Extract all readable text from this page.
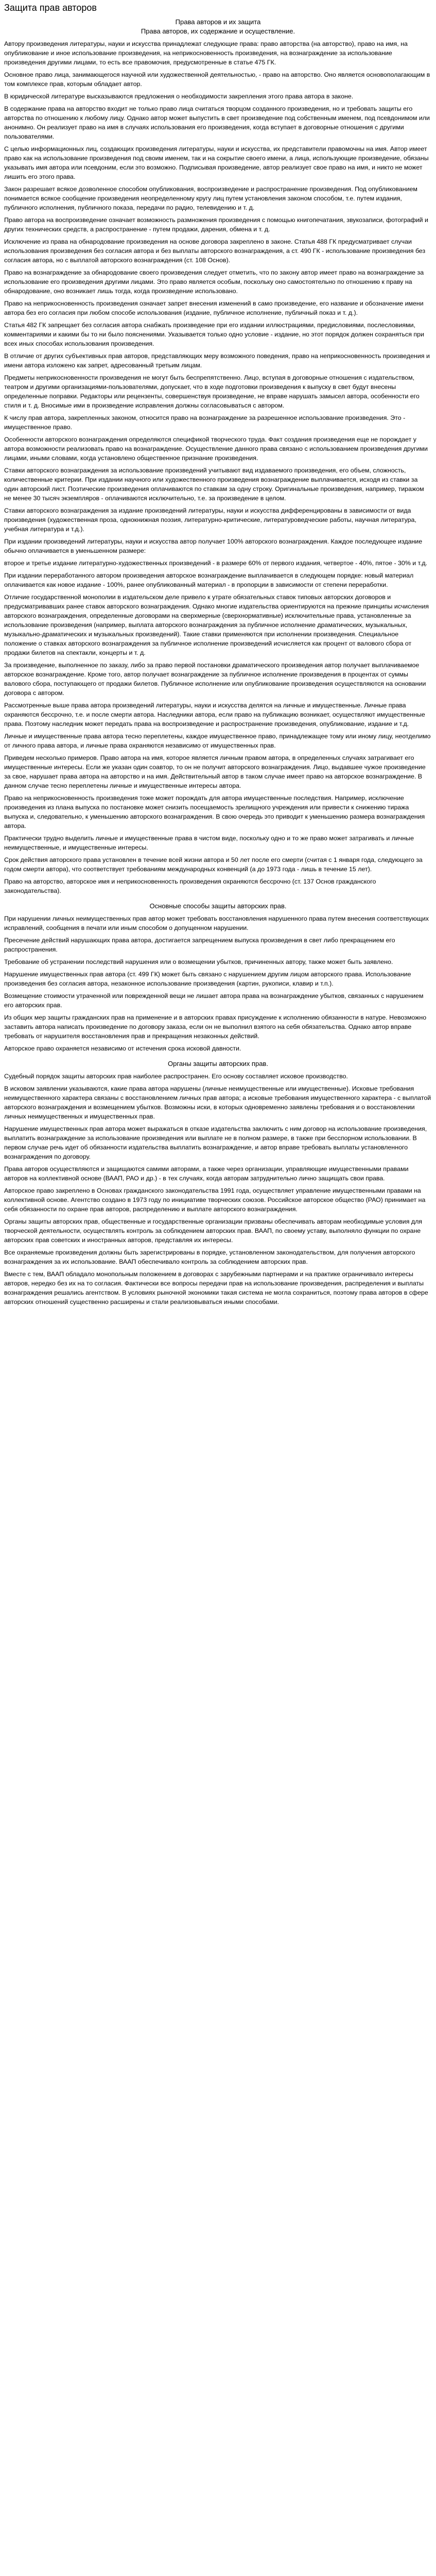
Защита прав авторов
Права авторов и их защита
Права авторов, их содержание и осуществление.

Автору произведения литературы, науки и искусства принадлежат следующие права: право авторства (на авторство), право на имя, на опубликование и иное использование произведения, на неприкосновенность произведения, на вознаграждение за использование произведения другими лицами, то есть все правомочия, предусмотренные в статье 475 ГК.

Основное право лица, занимающегося научной или художественной деятельностью, - право на авторство. Оно является основополагающим в том комплексе прав, которым обладает автор.

В юридической литературе высказываются предложения о необходимости закрепления этого права автора в законе.

В содержание права на авторство входит не только право лица считаться творцом созданного произведения, но и требовать защиты его авторства по отношению к любому лицу. Однако автор может выпустить в свет произведение под собственным именем, под псевдонимом или анонимно. Он реализует право на имя в случаях использования его произведения, когда вступает в договорные отношения с другими пользователями.

С целью информационных лиц, создающих произведения литературы, науки и искусства, их представители правомочны на имя. Автор имеет право как на использование произведения под своим именем, так и на сокрытие своего имени, а лица, использующие произведение, обязаны указывать имя автора или псевдоним, если это возможно. Подписывая произведение, автор реализует свое право на имя, и никто не может лишить его этого права.

Закон разрешает всякое дозволенное способом опубликования, воспроизведение и распространение произведения. Под опубликованием понимается всякое сообщение произведения неопределенному кругу лиц путем установления законом способом, т.е. путем издания, публичного исполнения, публичного показа, передачи по радио, телевидению и т. д.

Право автора на воспроизведение означает возможность размножения произведения с помощью книгопечатания, звукозаписи, фотографий и других технических средств, а распространение - путем продажи, дарения, обмена и т. д.

Исключение из права на обнародование произведения на основе договора закреплено в законе. Статья 488 ГК предусматривает случаи использования произведения без согласия автора и без выплаты авторского вознаграждения, а ст. 490 ГК - использование произведения без согласия автора, но с выплатой авторского вознаграждения (ст. 108 Основ).

Право на вознаграждение за обнародование своего произведения следует отметить, что по закону автор имеет право на вознаграждение за использование его произведения другими лицами. Это право является особым, поскольку оно самостоятельно по отношению к праву на обнародование, оно возникает лишь тогда, когда произведение использовано.

Право на неприкосновенность произведения означает запрет внесения изменений в само произведение, его название и обозначение имени автора без его согласия при любом способе использования (издание, публичное исполнение, публичный показ и т. д.).

Статья 482 ГК запрещает без согласия автора снабжать произведение при его издании иллюстрациями, предисловиями, послесловиями, комментариями и какими бы то ни было пояснениями. Указывается только одно условие - издание, но этот порядок должен сохраняться при всех иных способах использования произведения.

В отличие от других субъективных прав авторов, представляющих меру возможного поведения, право на неприкосновенность произведения и имени автора изложено как запрет, адресованный третьим лицам.

Предметы неприкосновенности произведения не могут быть беспрепятственно. Лицо, вступая в договорные отношения с издательством, театром и другими организациями-пользователями, допускает, что в ходе подготовки произведения к выпуску в свет будут внесены определенные поправки. Редакторы или рецензенты, совершенствуя произведение, не вправе нарушать замысел автора, особенности его стиля и т. д. Вносимые ими в произведение исправления должны согласовываться с автором.

К числу прав автора, закрепленных законом, относится право на вознаграждение за разрешенное использование произведения. Это - имущественное право.

Особенности авторского вознаграждения определяются спецификой творческого труда. Факт создания произведения еще не порождает у автора возможности реализовать право на вознаграждение. Осуществление данного права связано с использованием произведения другими лицами, иными словами, когда установлено общественное признание произведения.

Ставки авторского вознаграждения за использование произведений учитывают вид издаваемого произведения, его объем, сложность, количественные критерии. При издании научного или художественного произведения вознаграждение выплачивается, исходя из ставки за один авторский лист. Поэтические произведения оплачиваются по ставкам за одну строку. Оригинальные произведения, например, тиражом не менее 30 тысяч экземпляров - оплачиваются исключительно, т.е. за произведение в целом.

Ставки авторского вознаграждения за издание произведений литературы, науки и искусства дифференцированы в зависимости от вида произведения (художественная проза, однокнижная поэзия, литературно-критические, литературоведческие работы, научная литература, учебная литература и т.д.).

При издании произведений литературы, науки и искусства автор получает 100% авторского вознаграждения. Каждое последующее издание обычно оплачивается в уменьшенном размере:

второе и третье издание литературно-художественных произведений - в размере 60% от первого издания, четвертое - 40%, пятое - 30% и т.д.

При издании переработанного автором произведения авторское вознаграждение выплачивается в следующем порядке: новый материал оплачивается как новое издание - 100%, ранее опубликованный материал - в пропорции в зависимости от степени переработки.

Отличие государственной монополии в издательском деле привело к утрате обязательных ставок типовых авторских договоров и предусматривавших ранее ставок авторского вознаграждения. Однако многие издательства ориентируются на прежние принципы исчисления авторского вознаграждения, определенные договорами на сверхмерные (сверхнормативные) исключительные права, установленные за использование произведения (например, выплата авторского вознаграждения за публичное исполнение драматических, музыкальных, музыкально-драматических и музыкальных произведений). Такие ставки применяются при исполнении произведения. Специальное положение о ставках авторского вознаграждения за публичное исполнение произведений исчисляется как процент от валового сбора от продажи билетов на спектакли, концерты и т. д.

За произведение, выполненное по заказу, либо за право первой постановки драматического произведения автор получает выплачиваемое авторское вознаграждение. Кроме того, автор получает вознаграждение за публичное исполнение произведения в процентах от суммы валового сбора, поступающего от продажи билетов. Публичное исполнение или опубликование произведения осуществляются на основании договора с автором.

Рассмотренные выше права автора произведений литературы, науки и искусства делятся на личные и имущественные. Личные права охраняются бессрочно, т.е. и после смерти автора. Наследники автора, если право на публикацию возникает, осуществляют имущественные права. Поэтому наследник может передать права на воспроизведение и распространение произведения, опубликование, издание и т.д.

Личные и имущественные права автора тесно переплетены, каждое имущественное право, принадлежащее тому или иному лицу, неотделимо от личного права автора, и личные права охраняются независимо от имущественных прав.

Приведем несколько примеров. Право автора на имя, которое является личным правом автора, в определенных случаях затрагивает его имущественные интересы. Если же указан один соавтор, то он не получит авторского вознаграждения. Лицо, выдавшее чужое произведение за свое, нарушает права автора на авторство и на имя. Действительный автор в таком случае имеет право на авторское вознаграждение. В данном случае тесно переплетены личные и имущественные интересы автора.

Право на неприкосновенность произведения тоже может порождать для автора имущественные последствия. Например, исключение произведения из плана выпуска по постановке может снизить посещаемость зрелищного учреждения или привести к снижению тиража выпуска и, следовательно, к уменьшению авторского вознаграждения. В свою очередь это приводит к уменьшению размера вознаграждения автора.

Практически трудно выделить личные и имущественные права в чистом виде, поскольку одно и то же право может затрагивать и личные неимущественные, и имущественные интересы.

Срок действия авторского права установлен в течение всей жизни автора и 50 лет после его смерти (считая с 1 января года, следующего за годом смерти автора), что соответствует требованиям международных конвенций (а до 1973 года - лишь в течение 15 лет).

Право на авторство, авторское имя и неприкосновенность произведения охраняются бессрочно (ст. 137 Основ гражданского законодательства).

Основные способы защиты авторских прав.

При нарушении личных неимущественных прав автор может требовать восстановления нарушенного права путем внесения соответствующих исправлений, сообщения в печати или иным способом о допущенном нарушении.

Пресечение действий нарушающих права автора, достигается запрещением выпуска произведения в свет либо прекращением его распространения.

Требование об устранении последствий нарушения или о возмещении убытков, причиненных автору, также может быть заявлено.

Нарушение имущественных прав автора (ст. 499 ГК) может быть связано с нарушением другим лицом авторского права. Использование произведения без согласия автора, незаконное использование произведения (картин, рукописи, клавир и т.п.).

Возмещение стоимости утраченной или поврежденной вещи не лишает автора права на вознаграждение убытков, связанных с нарушением его авторских прав.

Из общих мер защиты гражданских прав на применение и в авторских правах присуждение к исполнению обязанности в натуре. Невозможно заставить автора написать произведение по договору заказа, если он не выполнил взятого на себя обязательства. Однако автор вправе требовать от нарушителя восстановления прав и прекращения незаконных действий.

Авторское право охраняется независимо от истечения срока исковой давности.

Органы защиты авторских прав.

Судебный порядок защиты авторских прав наиболее распространен. Его основу составляет исковое производство.

В исковом заявлении указываются, какие права автора нарушены (личные неимущественные или имущественные). Исковые требования неимущественного характера связаны с восстановлением личных прав автора; а исковые требования имущественного характера - с выплатой авторского вознаграждения и возмещением убытков. Возможны иски, в которых одновременно заявлены требования и о восстановлении личных неимущественных и имущественных прав.

Нарушение имущественных прав автора может выражаться в отказе издательства заключить с ним договор на использование произведения, выплатить вознаграждение за использование произведения или выплате не в полном размере, в также при бесспорном использовании. В первом случае речь идет об обязанности издательства выплатить вознаграждение, и автор вправе требовать выплаты установленного вознаграждения по договору.

Права авторов осуществляются и защищаются самими авторами, а также через организации, управляющие имущественными правами авторов на коллективной основе (ВААП, РАО и др.) - в тех случаях, когда авторам затруднительно лично защищать свои права.

Авторское право закреплено в Основах гражданского законодательства 1991 года, осуществляет управление имущественными правами на коллективной основе. Агентство создано в 1973 году по инициативе творческих союзов. Российское авторское общество (РАО) принимает на себя обязанности по охране прав авторов, распределению и выплате авторского вознаграждения.

Органы защиты авторских прав, общественные и государственные организации призваны обеспечивать авторам необходимые условия для творческой деятельности, осуществлять контроль за соблюдением авторских прав. ВААП, по своему уставу, выполняло функции по охране авторских прав советских и иностранных авторов, представляя их интересы.

Все охраняемые произведения должны быть зарегистрированы в порядке, установленном законодательством, для получения авторского вознаграждения за их использование. ВААП обеспечивало контроль за соблюдением авторских прав.

Вместе с тем, ВААП обладало монопольным положением в договорах с зарубежными партнерами и на практике ограничивало интересы авторов, нередко без их на то согласия. Фактически все вопросы передачи прав на использование произведения, распределения и выплаты вознаграждения решались агентством. В условиях рыночной экономики такая система не могла сохраниться, поэтому права авторов в сфере авторских отношений существенно расширены и стали реализовываться иными способами.
